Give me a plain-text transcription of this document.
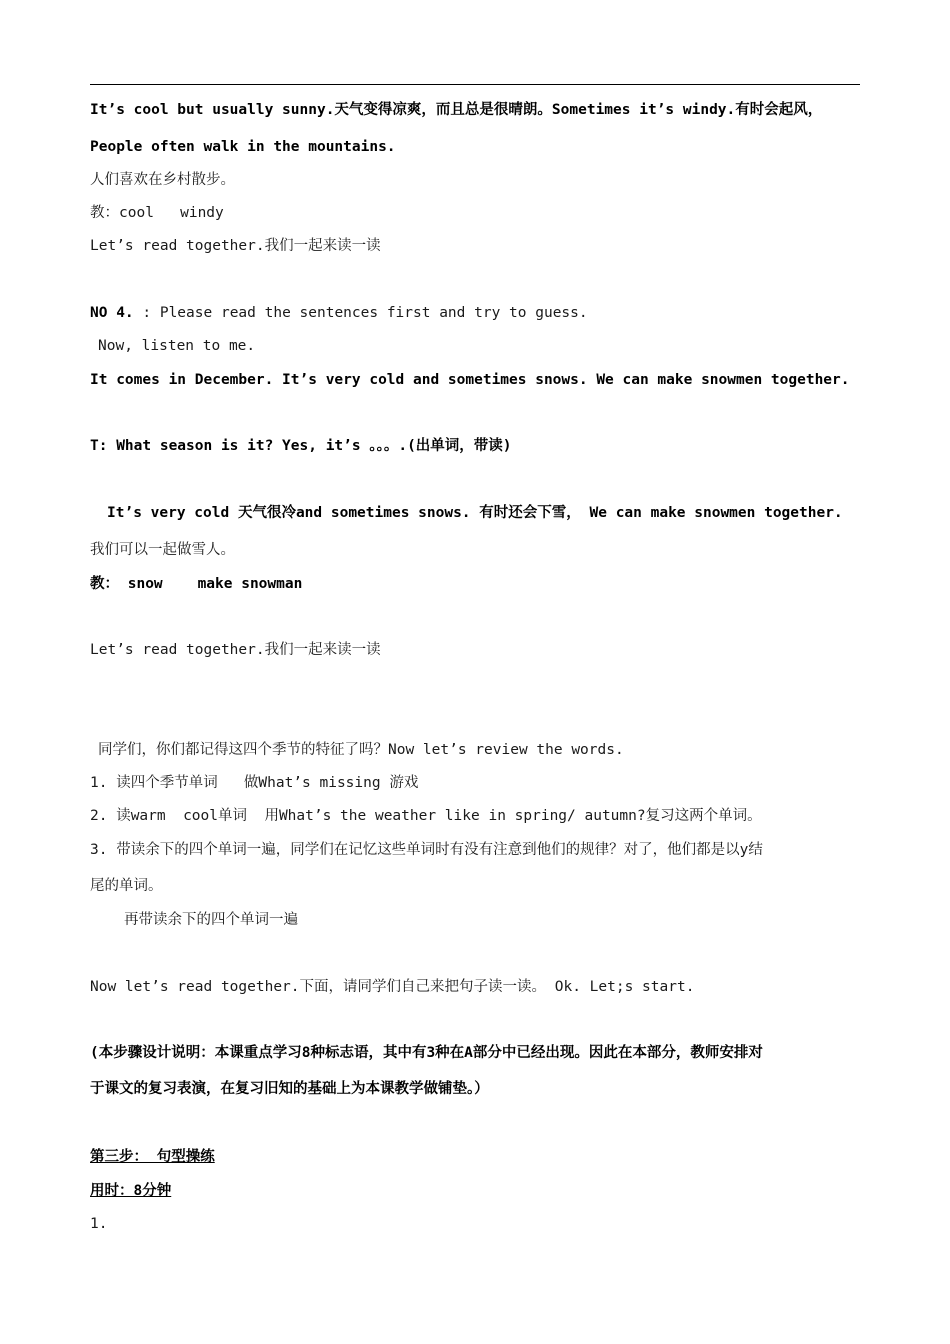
It’s cool but usually sunny.天气变得凉爽，而且总是很晴朗。Sometimes it’s windy.有时会起风，
People often walk in the mountains.
人们喜欢在乡村散步。
教：cool   windy
Let’s read together.我们一起来读一读
NO 4. : Please read the sentences first and try to guess.
Now, listen to me.
It comes in December. It’s very cold and sometimes snows. We can make snowmen together.
T: What season is it? Yes, it’s 。。。.(出单词，带读)
It’s very cold 天气很冷and sometimes snows. 有时还会下雪， We can make snowmen together.
我们可以一起做雪人。
教： snow    make snowman
Let’s read together.我们一起来读一读
同学们，你们都记得这四个季节的特征了吗？Now let’s review the words.
1. 读四个季节单词   做What’s missing 游戏
2. 读warm  cool单词  用What’s the weather like in spring/ autumn?复习这两个单词。
3. 带读余下的四个单词一遍，同学们在记忆这些单词时有没有注意到他们的规律？对了，他们都是以y结
尾的单词。
再带读余下的四个单词一遍
Now let’s read together.下面，请同学们自己来把句子读一读。 Ok. Let;s start.
(本步骤设计说明：本课重点学习8种标志语，其中有3种在A部分中已经出现。因此在本部分，教师安排对
于课文的复习表演，在复习旧知的基础上为本课教学做铺垫。）
第三步： 句型操练
用时：8分钟
1.
